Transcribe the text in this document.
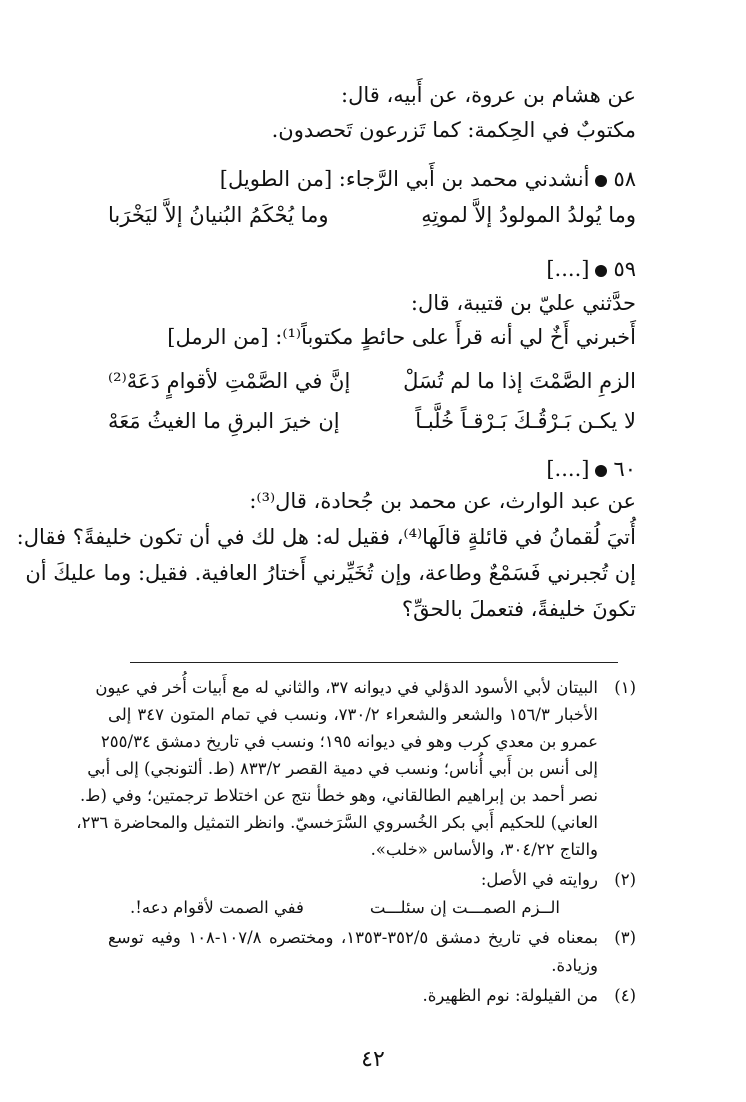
عن هشام بن عروة، عن أَبيه، قال:
مكتوبٌ في الحِكمة: كما تَزرعون تَحصدون.
٥٨أنشدني محمد بن أَبي الرَّجاء: [من الطويل]
وما يُولدُ المولودُ إلاَّ لموتِهِ
وما يُحْكَمُ البُنيانُ إلاَّ ليَخْرَبا
٥٩[....]
حدَّثني عليّ بن قتيبة، قال:
أَخبرني أَخٌ لي أنه قرأَ على حائطٍ مكتوباً⁽¹⁾: [من الرمل]
الزمِ الصَّمْتَ إذا ما لم تُسَلْ
إنَّ في الصَّمْتِ لأقوامٍ دَعَهْ⁽²⁾
لا يكـن بَـرْقُـكَ بَـرْقـاً خُلَّبـاً
إن خيرَ البرقِ ما الغيثُ مَعَهْ
٦٠[....]
عن عبد الوارث، عن محمد بن جُحادة، قال⁽³⁾:
أُتيَ لُقمانُ في قائلةٍ قالَها⁽⁴⁾، فقيل له: هل لك في أن تكون خليفةً؟ فقال:
إن تُجبرني فَسَمْعٌ وطاعة، وإن تُخَيِّرني أَختارُ العافية. فقيل: وما عليكَ أن
تكونَ خليفةً، فتعملَ بالحقِّ؟
(١)
البيتان لأبي الأسود الدؤلي في ديوانه ٣٧، والثاني له مع أَبيات أُخر في عيون
الأخبار ١٥٦/٣ والشعر والشعراء ٧٣٠/٢، ونسب في تمام المتون ٣٤٧ إلى
عمرو بن معدي كرب وهو في ديوانه ١٩٥؛ ونسب في تاريخ دمشق ٢٥٥/٣٤
إلى أنس بن أَبي أُناس؛ ونسب في دمية القصر ٨٣٣/٢ (ط. ألتونجي) إلى أبي
نصر أحمد بن إبراهيم الطالقاني، وهو خطأ نتج عن اختلاط ترجمتين؛ وفي (ط.
العاني) للحكيم أَبي بكر الخُسروي السَّرَخسيّ. وانظر التمثيل والمحاضرة ٢٣٦،
والتاج ٣٠٤/٢٢، والأساس «خلب».
(٢)
روايته في الأصل:
الــزم الصمـــت إن سئلـــت
ففي الصمت لأقوام دعه!.
(٣)
بمعناه في تاريخ دمشق ٣٥٢/٥-١٣٥٣، ومختصره ١٠٧/٨-١٠٨ وفيه توسع
وزيادة.
(٤)
من القيلولة: نوم الظهيرة.
٤٢
